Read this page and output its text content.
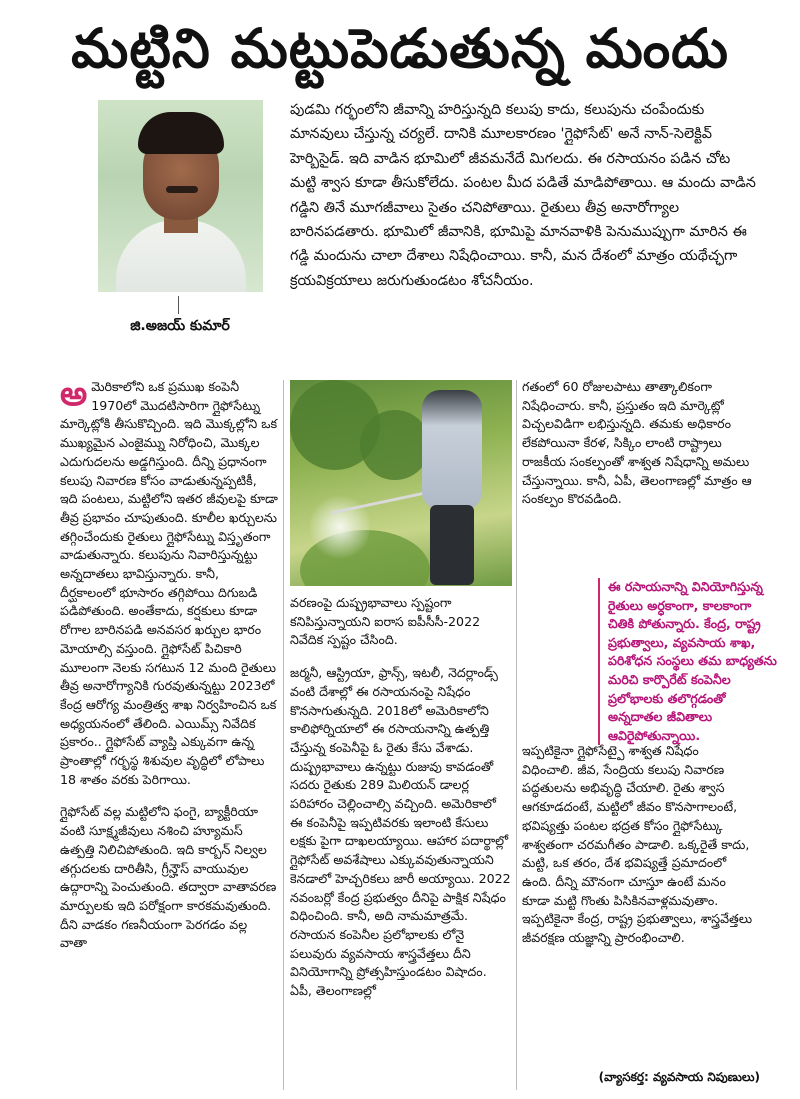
మట్టిని మట్టుపెడుతున్న మందు
జి.అజయ్ కుమార్

పుడమి గర్భంలోని జీవాన్ని హరిస్తున్నది కలుపు కాదు, కలుపును చంపేందుకు మానవులు చేస్తున్న చర్యలే. దానికి మూలకారణం 'గ్లైఫోసేట్' అనే నాన్-సెలెక్టివ్ హెర్బిసైడ్. ఇది వాడిన భూమిలో జీవమనేదే మిగలదు. ఈ రసాయనం పడిన చోట మట్టి శ్వాస కూడా తీసుకోలేదు. పంటల మీద పడితే మాడిపోతాయి. ఆ మందు వాడిన గడ్డిని తినే మూగజీవాలు సైతం చనిపోతాయి. రైతులు తీవ్ర అనారోగ్యాల బారినపడతారు. భూమిలో జీవానికి, భూమిపై మానవాళికి పెనుముప్పుగా మారిన ఈ గడ్డి మందును చాలా దేశాలు నిషేధించాయి. కానీ, మన దేశంలో మాత్రం యథేచ్ఛగా క్రయవిక్రయాలు జరుగుతుండటం శోచనీయం.

అమెరికాలోని ఒక ప్రముఖ కంపెనీ 1970లో మొదటిసారిగా గ్లైఫోసేట్ను మార్కెట్లోకి తీసుకొచ్చింది. ఇది మొక్కల్లోని ఒక ముఖ్యమైన ఎంజైమ్ను నిరోధించి, మొక్కల ఎదుగుదలను అడ్డగిస్తుంది. దీన్ని ప్రధానంగా కలుపు నివారణ కోసం వాడుతున్నప్పటికీ, ఇది పంటలు, మట్టిలోని ఇతర జీవులపై కూడా తీవ్ర ప్రభావం చూపుతుంది. కూలీల ఖర్చులను తగ్గించేందుకు రైతులు గ్లైఫోసేట్ను విస్తృతంగా వాడుతున్నారు. కలుపును నివారిస్తున్నట్టు అన్నదాతలు భావిస్తున్నారు. కానీ, దీర్ఘకాలంలో భూసారం తగ్గిపోయి దిగుబడి పడిపోతుంది. అంతేకాదు, కర్షకులు కూడా రోగాల బారినపడి అనవసర ఖర్చుల భారం మోయాల్సి వస్తుంది. గ్లైఫోసేట్ పిచికారి మూలంగా నెలకు సగటున 12 మంది రైతులు తీవ్ర అనారోగ్యానికి గురవుతున్నట్టు 2023లో కేంద్ర ఆరోగ్య మంత్రిత్వ శాఖ నిర్వహించిన ఒక అధ్యయనంలో తేలింది. ఎయిమ్స్ నివేదిక ప్రకారం.. గ్లైఫోసేట్ వ్యాప్తి ఎక్కువగా ఉన్న ప్రాంతాల్లో గర్భస్థ శిశువుల వృద్ధిలో లోపాలు 18 శాతం వరకు పెరిగాయి.

గ్లైఫోసేట్ వల్ల మట్టిలోని ఫంగై, బ్యాక్టీరియా వంటి సూక్ష్మజీవులు నశించి హ్యూమస్ ఉత్పత్తి నిలిచిపోతుంది. ఇది కార్బన్ నిల్వల తగ్గుదలకు దారితీసి, గ్రీన్హౌస్ వాయువుల ఉద్గారాన్ని పెంచుతుంది. తద్వారా వాతావరణ మార్పులకు ఇది పరోక్షంగా కారకమవుతుంది. దీని వాడకం గణనీయంగా పెరగడం వల్ల వాతా

వరణంపై దుష్ప్రభావాలు స్పష్టంగా కనిపిస్తున్నాయని ఐరాస ఐపీసీసీ-2022 నివేదిక స్పష్టం చేసింది.

జర్మనీ, ఆస్ట్రియా, ఫ్రాన్స్, ఇటలీ, నెదర్లాండ్స్ వంటి దేశాల్లో ఈ రసాయనంపై నిషేధం కొనసాగుతున్నది. 2018లో అమెరికాలోని కాలిఫోర్నియాలో ఈ రసాయనాన్ని ఉత్పత్తి చేస్తున్న కంపెనీపై ఓ రైతు కేసు వేశాడు. దుష్ప్రభావాలు ఉన్నట్టు రుజువు కావడంతో సదరు రైతుకు 289 మిలియన్ డాలర్ల పరిహారం చెల్లించాల్సి వచ్చింది. అమెరికాలో ఈ కంపెనీపై ఇప్పటివరకు ఇలాంటి కేసులు లక్షకు పైగా దాఖలయ్యాయి. ఆహార పదార్థాల్లో గ్లైఫోసేట్ అవశేషాలు ఎక్కువవుతున్నాయని కెనడాలో హెచ్చరికలు జారీ అయ్యాయి. 2022 నవంబర్లో కేంద్ర ప్రభుత్వం దీనిపై పాక్షిక నిషేధం విధించింది. కానీ, అది నామమాత్రమే. రసాయన కంపెనీల ప్రలోభాలకు లోనై పలువురు వ్యవసాయ శాస్త్రవేత్తలు దీని వినియోగాన్ని ప్రోత్సహిస్తుండటం విషాదం. ఏపీ, తెలంగాణల్లో

గతంలో 60 రోజులపాటు తాత్కాలికంగా నిషేధించారు. కానీ, ప్రస్తుతం ఇది మార్కెట్లో విచ్చలవిడిగా లభిస్తున్నది. తమకు అధికారం లేకపోయినా కేరళ, సిక్కిం లాంటి రాష్ట్రాలు రాజకీయ సంకల్పంతో శాశ్వత నిషేధాన్ని అమలు చేస్తున్నాయి. కానీ, ఏపీ, తెలంగాణల్లో మాత్రం ఆ సంకల్పం కొరవడింది.

ఈ రసాయనాన్ని వినియోగిస్తున్న రైతులు అర్ధకాంగా, కాలకాంగా చితికి పోతున్నారు. కేంద్ర, రాష్ట్ర ప్రభుత్వాలు, వ్యవసాయ శాఖ, పరిశోధన సంస్థలు తమ బాధ్యతను మరిచి కార్పొరేట్ కంపెనీల ప్రలోభాలకు తలొగ్గడంతో అన్నదాతల జీవితాలు ఆవిరైపోతున్నాయి.

ఇప్పటికైనా గ్లైఫోసేట్పై శాశ్వత నిషేధం విధించాలి. జీవ, సేంద్రియ కలుపు నివారణ పద్ధతులను అభివృద్ధి చేయాలి. రైతు శ్వాస ఆగకూడదంటే, మట్టిలో జీవం కొనసాగాలంటే, భవిష్యత్తు పంటల భద్రత కోసం గ్లైఫోసేట్కు శాశ్వతంగా చరమగీతం పాడాలి. ఒక్కరైతే కాదు, మట్టి, ఒక తరం, దేశ భవిష్యత్తే ప్రమాదంలో ఉంది. దీన్ని మౌనంగా చూస్తూ ఉంటే మనం కూడా మట్టి గొంతు పిసికినవాళ్లమవుతాం. ఇప్పటికైనా కేంద్ర, రాష్ట్ర ప్రభుత్వాలు, శాస్త్రవేత్తలు జీవరక్షణ యజ్ఞాన్ని ప్రారంభించాలి.

(వ్యాసకర్త: వ్యవసాయ నిపుణులు)
